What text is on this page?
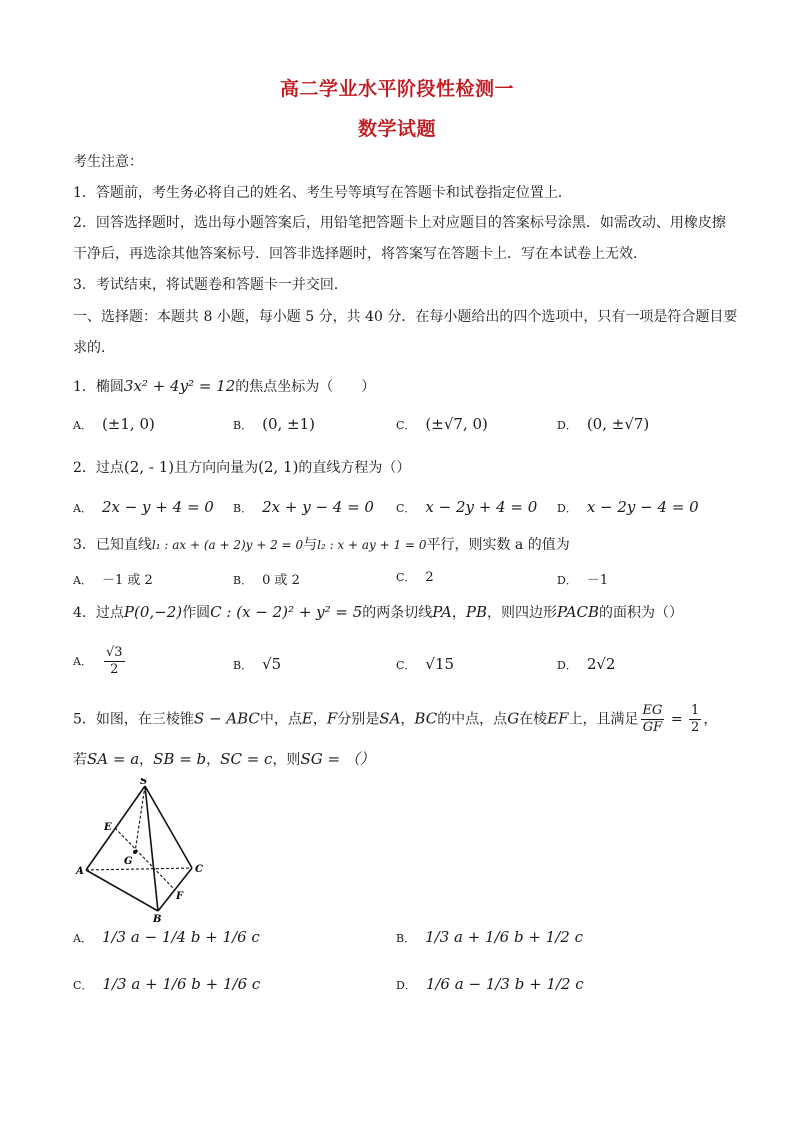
高二学业水平阶段性检测一
数学试题
考生注意：
1．答题前，考生务必将自己的姓名、考生号等填写在答题卡和试卷指定位置上．
2．回答选择题时，选出每小题答案后，用铅笔把答题卡上对应题目的答案标号涂黑．如需改动、用橡皮擦
干净后，再选涂其他答案标号．回答非选择题时，将答案写在答题卡上．写在本试卷上无效．
3．考试结束，将试题卷和答题卡一并交回．
一、选择题：本题共 8 小题，每小题 5 分，共 40 分．在每小题给出的四个选项中，只有一项是符合题目要
求的．
1．椭圆3x² + 4y² = 12的焦点坐标为（　　）
A． (±1, 0)	B． (0, ±1)	C． (±√7, 0)	D． (0, ±√7)
2．过点(2, - 1)且方向向量为(2, 1)的直线方程为（）
A． 2x − y + 4 = 0 B． 2x + y − 4 = 0 C． x − 2y + 4 = 0 D． x − 2y − 4 = 0
3．已知直线l₁ : ax + (a + 2)y + 2 = 0与l₂ : x + ay + 1 = 0平行，则实数 a 的值为
A． －1 或 2	B． 0 或 2	C． 2	D． －1
4．过点P(0,−2)作圆C : (x − 2)² + y² = 5的两条切线PA，PB，则四边形PACB的面积为（）
A． $\frac{√3}{2}$	B． √5	C． √15	D． 2√2
5．如图，在三棱锥S − ABC中，点E，F分别是SA，BC的中点，点G在棱EF上，且满足 $\frac{EG}{GF} = \frac{1}{2}$ ，
若SA = a，SB = b，SC = c，则SG = （）
S
E
G
A	C
F
B
A． 1/3 a − 1/4 b + 1/6 c	B． 1/3 a + 1/6 b + 1/2 c
C． 1/3 a + 1/6 b + 1/6 c	D． 1/6 a − 1/3 b + 1/2 c
